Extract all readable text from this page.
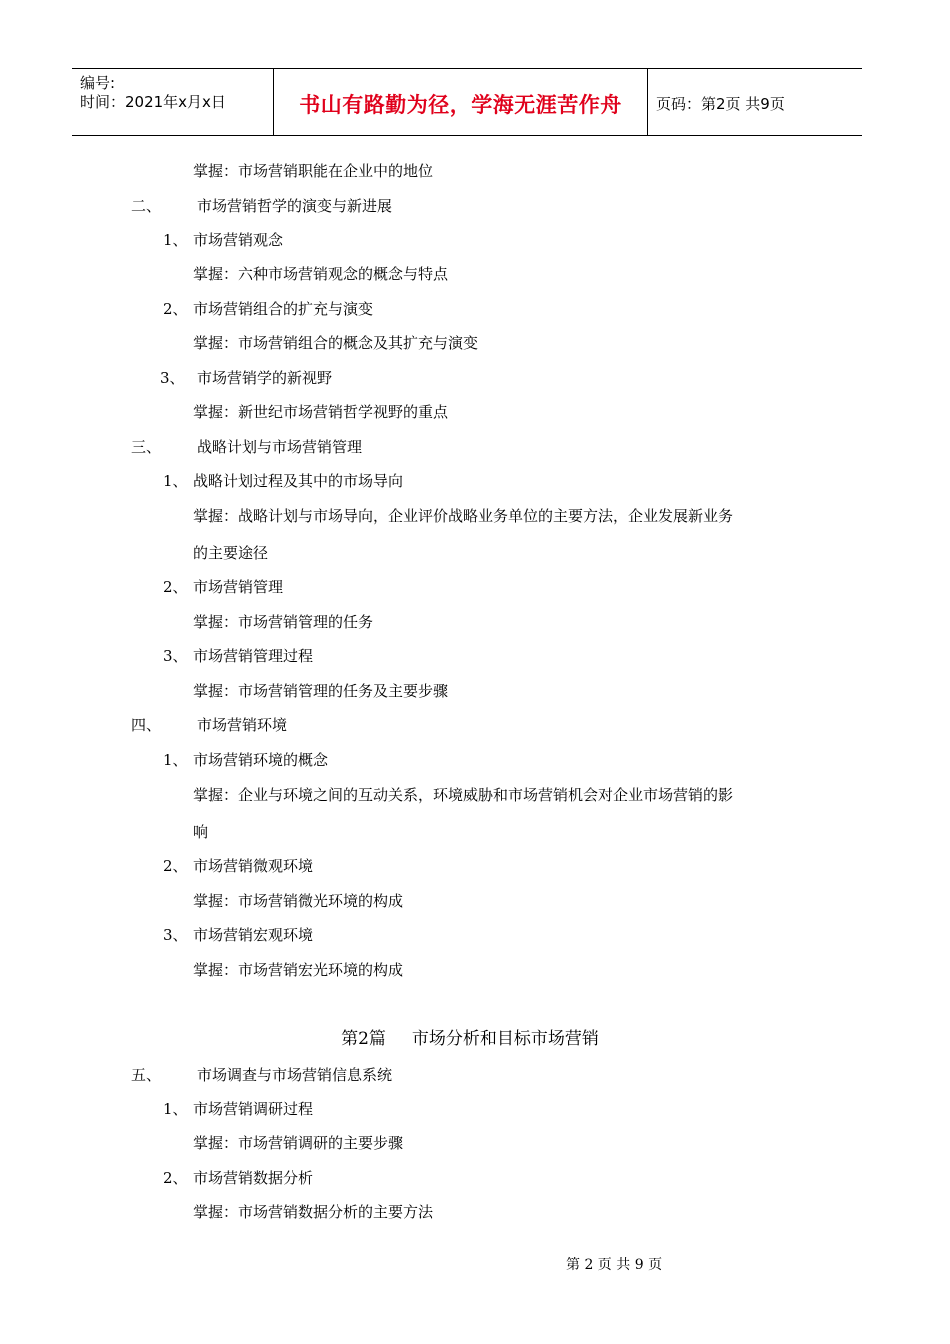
编号:
时间：2021年x月x日	书山有路勤为径，学海无涯苦作舟	页码：第2页 共9页
掌握：市场营销职能在企业中的地位
二、 市场营销哲学的演变与新进展
1、 市场营销观念
掌握：六种市场营销观念的概念与特点
2、 市场营销组合的扩充与演变
掌握：市场营销组合的概念及其扩充与演变
3、 市场营销学的新视野
掌握：新世纪市场营销哲学视野的重点
三、 战略计划与市场营销管理
1、 战略计划过程及其中的市场导向
掌握：战略计划与市场导向，企业评价战略业务单位的主要方法，企业发展新业务
的主要途径
2、 市场营销管理
掌握：市场营销管理的任务
3、 市场营销管理过程
掌握：市场营销管理的任务及主要步骤
四、 市场营销环境
1、 市场营销环境的概念
掌握：企业与环境之间的互动关系，环境威胁和市场营销机会对企业市场营销的影
响
2、 市场营销微观环境
掌握：市场营销微光环境的构成
3、 市场营销宏观环境
掌握：市场营销宏光环境的构成
第2篇 市场分析和目标市场营销
五、 市场调查与市场营销信息系统
1、 市场营销调研过程
掌握：市场营销调研的主要步骤
2、 市场营销数据分析
掌握：市场营销数据分析的主要方法
第 2 页 共 9 页
